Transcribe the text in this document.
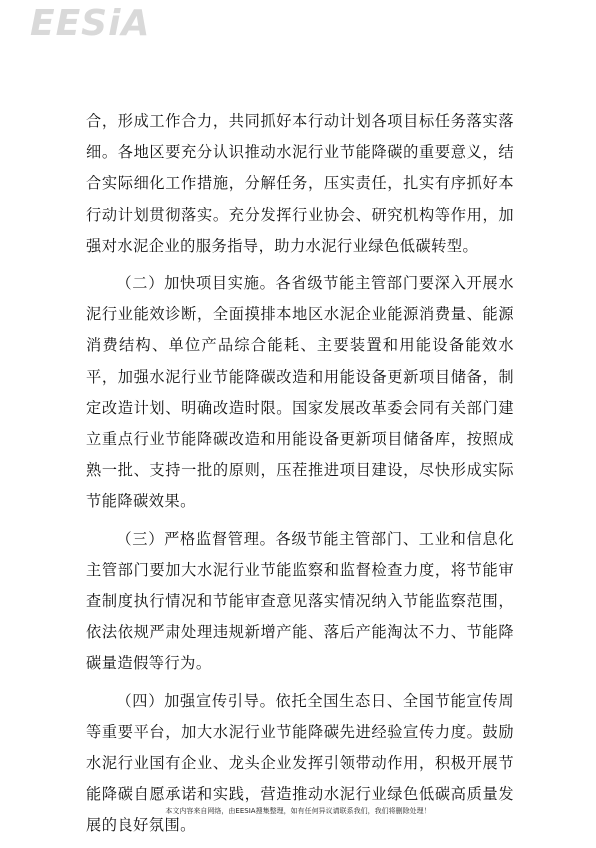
EESiA

合，形成工作合力，共同抓好本行动计划各项目标任务落实落细。各地区要充分认识推动水泥行业节能降碳的重要意义，结合实际细化工作措施，分解任务，压实责任，扎实有序抓好本行动计划贯彻落实。充分发挥行业协会、研究机构等作用，加强对水泥企业的服务指导，助力水泥行业绿色低碳转型。

（二）加快项目实施。各省级节能主管部门要深入开展水泥行业能效诊断，全面摸排本地区水泥企业能源消费量、能源消费结构、单位产品综合能耗、主要装置和用能设备能效水平，加强水泥行业节能降碳改造和用能设备更新项目储备，制定改造计划、明确改造时限。国家发展改革委会同有关部门建立重点行业节能降碳改造和用能设备更新项目储备库，按照成熟一批、支持一批的原则，压茬推进项目建设，尽快形成实际节能降碳效果。

（三）严格监督管理。各级节能主管部门、工业和信息化主管部门要加大水泥行业节能监察和监督检查力度，将节能审查制度执行情况和节能审查意见落实情况纳入节能监察范围，依法依规严肃处理违规新增产能、落后产能淘汰不力、节能降碳量造假等行为。

（四）加强宣传引导。依托全国生态日、全国节能宣传周等重要平台，加大水泥行业节能降碳先进经验宣传力度。鼓励水泥行业国有企业、龙头企业发挥引领带动作用，积极开展节能降碳自愿承诺和实践，营造推动水泥行业绿色低碳高质量发展的良好氛围。

本文内容来自网络，由EESIA搜集整理，如有任何异议请联系我们，我们将删除处理！
